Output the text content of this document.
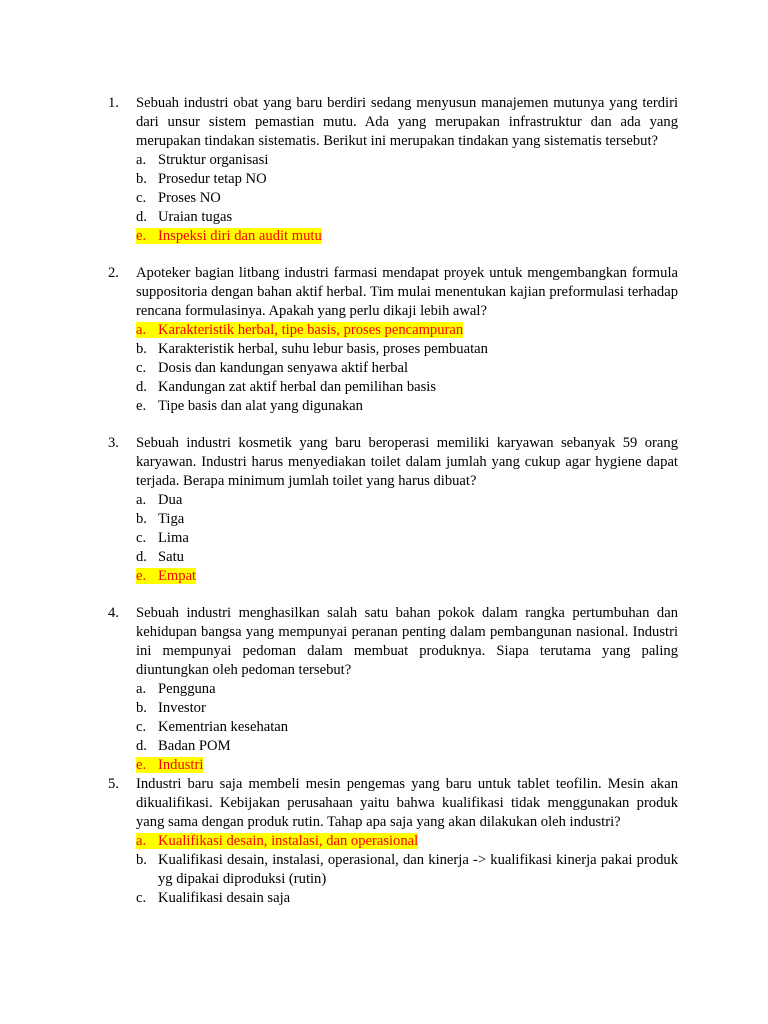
1.	Sebuah industri obat yang baru berdiri sedang menyusun manajemen mutunya yang terdiri dari unsur sistem pemastian mutu. Ada yang merupakan infrastruktur dan ada yang merupakan tindakan sistematis. Berikut ini merupakan tindakan yang sistematis tersebut?

a. Struktur organisasi
b. Prosedur tetap NO
c. Proses NO
d. Uraian tugas
e. Inspeksi diri dan audit mutu
2.	Apoteker bagian litbang industri farmasi mendapat proyek untuk mengembangkan formula suppositoria dengan bahan aktif herbal. Tim mulai menentukan kajian preformulasi terhadap rencana formulasinya. Apakah yang perlu dikaji lebih awal?

a. Karakteristik herbal, tipe basis, proses pencampuran
b. Karakteristik herbal, suhu lebur basis, proses pembuatan
c. Dosis dan kandungan senyawa aktif herbal
d. Kandungan zat aktif herbal dan pemilihan basis
e. Tipe basis dan alat yang digunakan
3.	Sebuah industri kosmetik yang baru beroperasi memiliki karyawan sebanyak 59 orang karyawan. Industri harus menyediakan toilet dalam jumlah yang cukup agar hygiene dapat terjada. Berapa minimum jumlah toilet yang harus dibuat?

a. Dua
b. Tiga
c. Lima
d. Satu
e. Empat
4.	Sebuah industri menghasilkan salah satu bahan pokok dalam rangka pertumbuhan dan kehidupan bangsa yang mempunyai peranan penting dalam pembangunan nasional. Industri ini mempunyai pedoman dalam membuat produknya. Siapa terutama yang paling diuntungkan oleh pedoman tersebut?

a. Pengguna
b. Investor
c. Kementrian kesehatan
d. Badan POM
e. Industri
5.	Industri baru saja membeli mesin pengemas yang baru untuk tablet teofilin. Mesin akan dikualifikasi. Kebijakan perusahaan yaitu bahwa kualifikasi tidak menggunakan produk yang sama dengan produk rutin. Tahap apa saja yang akan dilakukan oleh industri?

a. Kualifikasi desain, instalasi, dan operasional
b. Kualifikasi desain, instalasi, operasional, dan kinerja -> kualifikasi kinerja pakai produk yg dipakai diproduksi (rutin)
c. Kualifikasi desain saja
